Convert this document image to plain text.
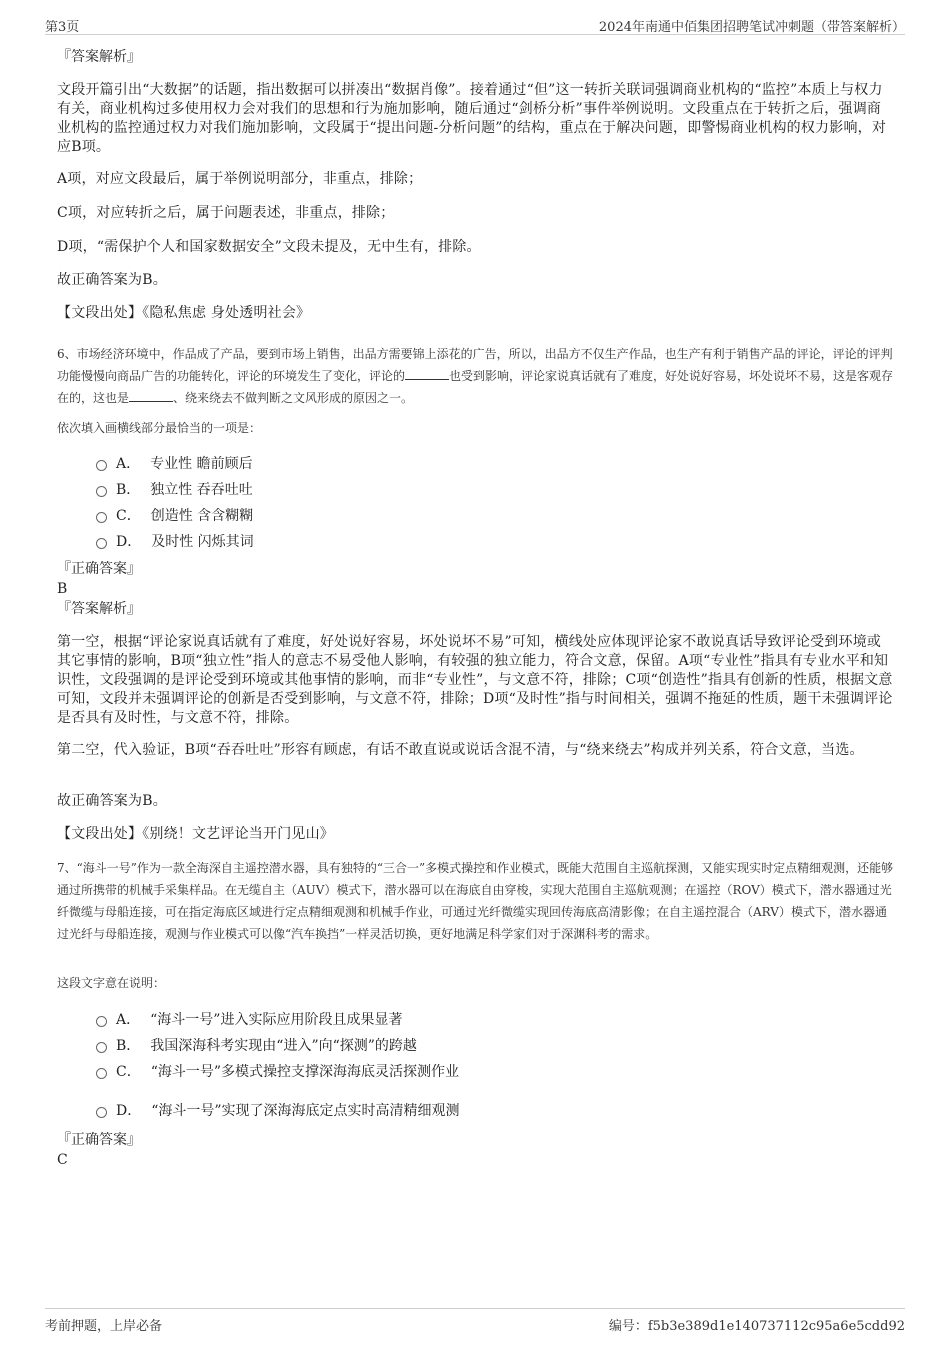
第3页	2024年南通中佰集团招聘笔试冲刺题（带答案解析）
『答案解析』
文段开篇引出“大数据”的话题，指出数据可以拼凑出“数据肖像”。接着通过“但”这一转折关联词强调商业机构的“监控”本质上与权力有关，商业机构过多使用权力会对我们的思想和行为施加影响，随后通过“剑桥分析”事件举例说明。文段重点在于转折之后，强调商业机构的监控通过权力对我们施加影响，文段属于“提出问题-分析问题”的结构，重点在于解决问题，即警惕商业机构的权力影响，对应B项。
A项，对应文段最后，属于举例说明部分，非重点，排除；
C项，对应转折之后，属于问题表述，非重点，排除；
D项，“需保护个人和国家数据安全”文段未提及，无中生有，排除。
故正确答案为B。
【文段出处】《隐私焦虑 身处透明社会》
6、市场经济环境中，作品成了产品，要到市场上销售，出品方需要锦上添花的广告，所以，出品方不仅生产作品，也生产有利于销售产品的评论，评论的评判功能慢慢向商品广告的功能转化，评论的环境发生了变化，评论的	也受到影响，评论家说真话就有了难度，好处说好容易，坏处说坏不易，这是客观存在的，这也是	、绕来绕去不做判断之文风形成的原因之一。
依次填入画横线部分最恰当的一项是：
A． 专业性 瞻前顾后
B． 独立性 吞吞吐吐
C． 创造性 含含糊糊
D． 及时性 闪烁其词
『正确答案』
B
『答案解析』
第一空，根据“评论家说真话就有了难度，好处说好容易，坏处说坏不易”可知，横线处应体现评论家不敢说真话导致评论受到环境或其它事情的影响，B项“独立性”指人的意志不易受他人影响，有较强的独立能力，符合文意，保留。A项“专业性”指具有专业水平和知识性，文段强调的是评论受到环境或其他事情的影响，而非“专业性”，与文意不符，排除；C项“创造性”指具有创新的性质，根据文意可知，文段并未强调评论的创新是否受到影响，与文意不符，排除；D项“及时性”指与时间相关，强调不拖延的性质，题干未强调评论是否具有及时性，与文意不符，排除。
第二空，代入验证，B项“吞吞吐吐”形容有顾虑，有话不敢直说或说话含混不清，与“绕来绕去”构成并列关系，符合文意，当选。
故正确答案为B。
【文段出处】《别绕！文艺评论当开门见山》
7、“海斗一号”作为一款全海深自主遥控潜水器，具有独特的“三合一”多模式操控和作业模式，既能大范围自主巡航探测，又能实现实时定点精细观测，还能够通过所携带的机械手采集样品。在无缆自主（AUV）模式下，潜水器可以在海底自由穿梭，实现大范围自主巡航观测；在遥控（ROV）模式下，潜水器通过光纤微缆与母船连接，可在指定海底区域进行定点精细观测和机械手作业，可通过光纤微缆实现回传海底高清影像；在自主遥控混合（ARV）模式下，潜水器通过光纤与母船连接，观测与作业模式可以像“汽车换挡”一样灵活切换，更好地满足科学家们对于深渊科考的需求。
这段文字意在说明：
A． “海斗一号”进入实际应用阶段且成果显著
B． 我国深海科考实现由“进入”向“探测”的跨越
C． “海斗一号”多模式操控支撑深海海底灵活探测作业
D． “海斗一号”实现了深海海底定点实时高清精细观测
『正确答案』
C
考前押题，上岸必备	编号：f5b3e389d1e140737112c95a6e5cdd92
